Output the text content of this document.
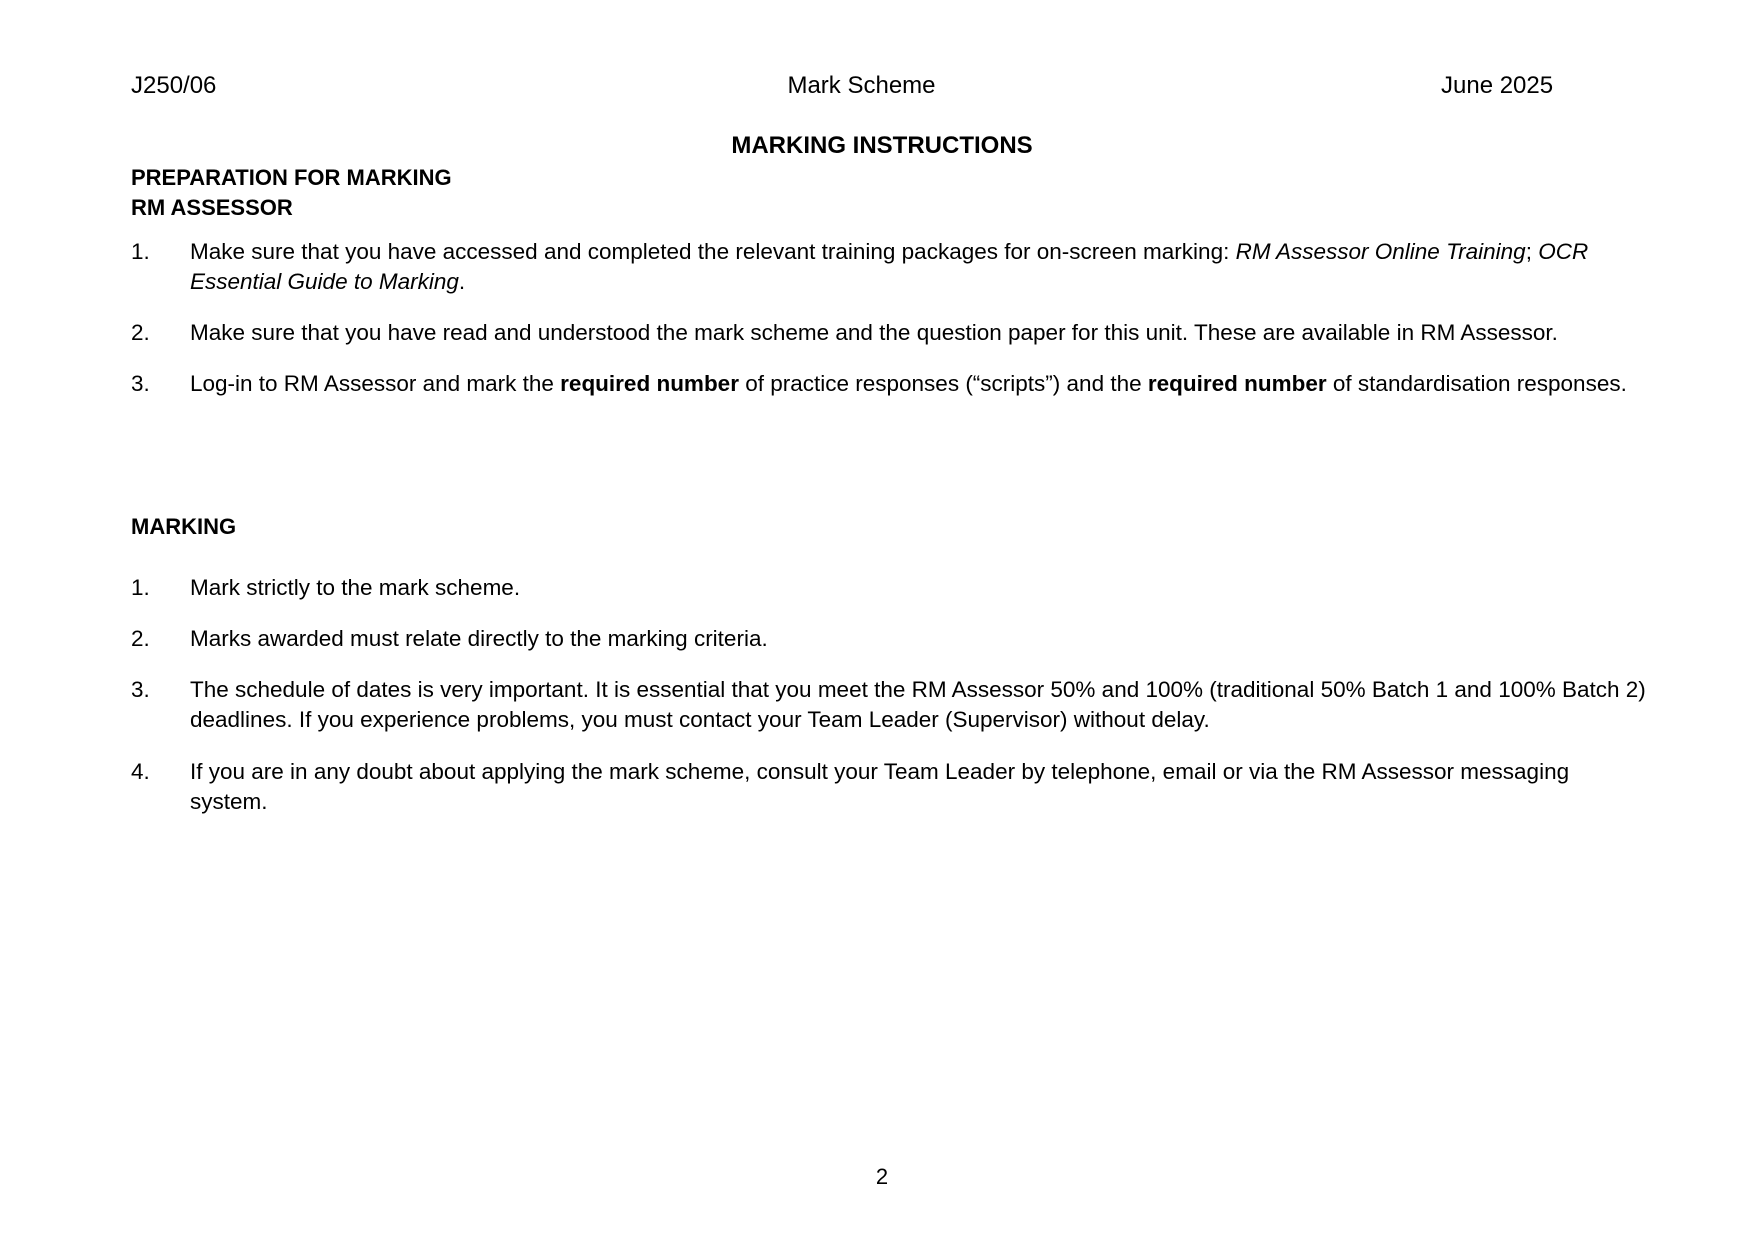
J250/06	Mark Scheme	June 2025
MARKING INSTRUCTIONS
PREPARATION FOR MARKING
RM ASSESSOR
1.	Make sure that you have accessed and completed the relevant training packages for on-screen marking: RM Assessor Online Training; OCR Essential Guide to Marking.
2.	Make sure that you have read and understood the mark scheme and the question paper for this unit. These are available in RM Assessor.
3.	Log-in to RM Assessor and mark the required number of practice responses (“scripts”) and the required number of standardisation responses.
MARKING
1.	Mark strictly to the mark scheme.
2.	Marks awarded must relate directly to the marking criteria.
3.	The schedule of dates is very important. It is essential that you meet the RM Assessor 50% and 100% (traditional 50% Batch 1 and 100% Batch 2) deadlines. If you experience problems, you must contact your Team Leader (Supervisor) without delay.
4.	If you are in any doubt about applying the mark scheme, consult your Team Leader by telephone, email or via the RM Assessor messaging system.
2
